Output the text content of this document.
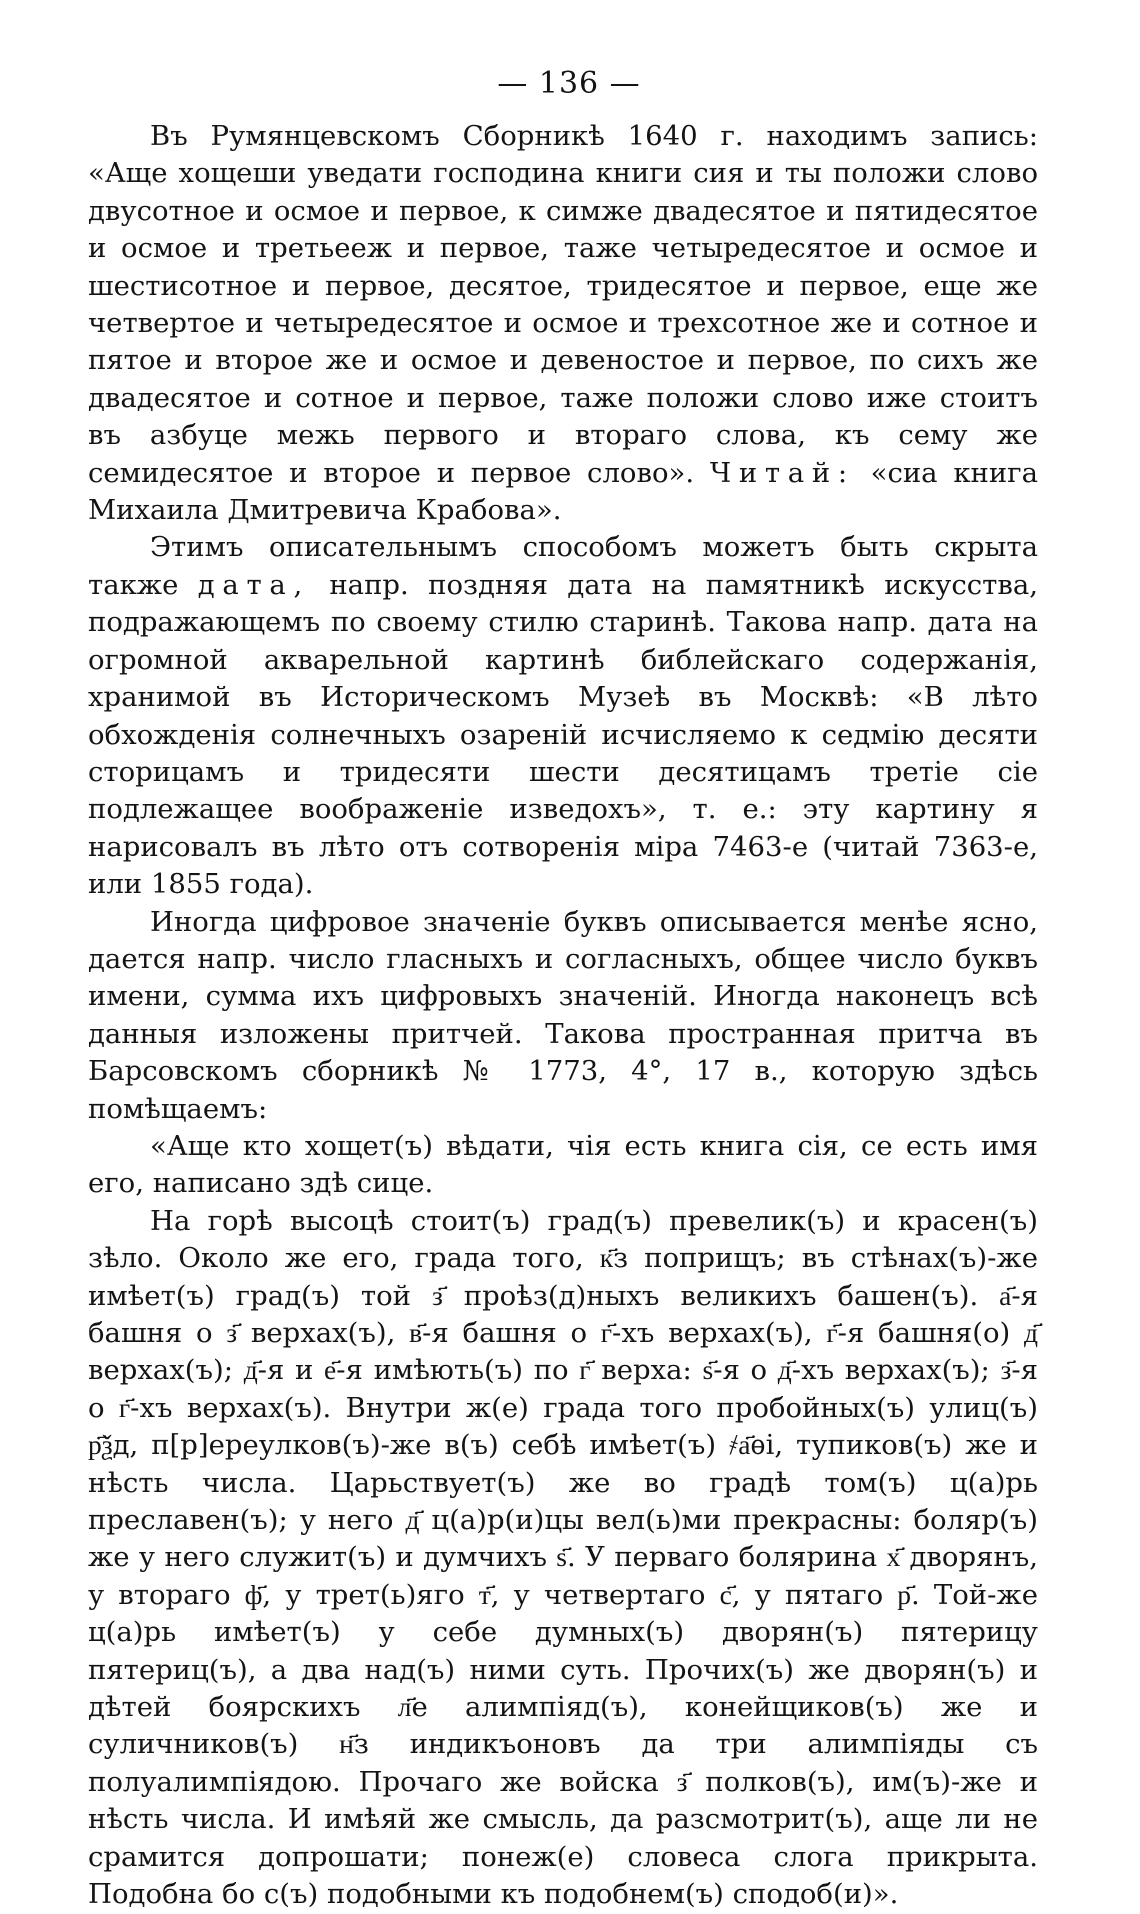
— 136 —

Въ Румянцевскомъ Сборникѣ 1640 г. находимъ запись: «Аще хощеши уведати господина книги сия и ты положи слово двусотное и осмое и первое, к симже двадесятое и пятидесятое и осмое и третьееж и первое, таже четыредесятое и осмое и шестисотное и первое, десятое, тридесятое и первое, еще же четвертое и четыредесятое и осмое и трехсотное же и сотное и пятое и второе же и осмое и девеностое и первое, по сихъ же двадесятое и сотное и первое, таже положи слово иже стоитъ въ азбуце межь первого и втораго слова, къ сему же семидесятое и второе и первое слово». Читай: «сиа книга Михаила Дмитревича Крабова».

Этимъ описательнымъ способомъ можетъ быть скрыта также дата, напр. поздняя дата на памятникѣ искусства, подражающемъ по своему стилю старинѣ. Такова напр. дата на огромной акварельной картинѣ библейскаго содержанія, хранимой въ Историческомъ Музеѣ въ Москвѣ: «В лѣто обхожденія солнечныхъ озареній исчисляемо к седмію десяти сторицамъ и тридесяти шести десятицамъ третіе сіе подлежащее воображеніе изведохъ», т. е.: эту картину я нарисовалъ въ лѣто отъ сотворенія міра 7463-е (читай 7363-е, или 1855 года).

Иногда цифровое значеніе буквъ описывается менѣе ясно, дается напр. число гласныхъ и согласныхъ, общее число буквъ имени, сумма ихъ цифровыхъ значеній. Иногда наконецъ всѣ данныя изложены притчей. Такова пространная притча въ Барсовскомъ сборникѣ № 1773, 4°, 17 в., которую здѣсь помѣщаемъ:

«Аще кто хощет(ъ) вѣдати, чія есть книга сія, се есть имя его, написано здѣ сице.

На горѣ высоцѣ стоит(ъ) град(ъ) превелик(ъ) и красен(ъ) зѣло. Около же его, града того, к҃з поприщъ; въ стѣнах(ъ)-же имѣет(ъ) град(ъ) той з҃ проѣз(д)ныхъ великихъ башен(ъ). а҃-я башня о з҃ верхах(ъ), в҃-я башня о г҃-хъ верхах(ъ), г҃-я башня(о) д҃ верхах(ъ); д҃-я и е҃-я имѣють(ъ) по г҃ верха: ѕ҃-я о д҃-хъ верхах(ъ); з҃-я о г҃-хъ верхах(ъ). Внутри ж(е) града того пробойных(ъ) улиц(ъ) р҃ѯд, п[р]ереулков(ъ)-же в(ъ) себѣ имѣет(ъ) ҂а҃ѳі, тупиков(ъ) же и нѣсть числа. Царьствует(ъ) же во градѣ том(ъ) ц(а)рь преславен(ъ); у него д҃ ц(а)р(и)цы вел(ь)ми прекрасны: боляр(ъ) же у него служит(ъ) и думчихъ ѕ҃. У перваго болярина х҃ дворянъ, у втораго ф҃, у трет(ь)яго т҃, у четвертаго с҃, у пятаго р҃. Той-же ц(а)рь имѣет(ъ) у себе думных(ъ) дворян(ъ) пятерицу пятериц(ъ), а два над(ъ) ними суть. Прочих(ъ) же дворян(ъ) и дѣтей боярскихъ л҃е алимпіяд(ъ), конейщиков(ъ) же и суличников(ъ) н҃з индикъоновъ да три алимпіяды съ полуалимпіядою. Прочаго же войска з҃ полков(ъ), им(ъ)-же и нѣсть числа. И имѣяй же смысль, да разсмотрит(ъ), аще ли не срамится допрошати; понеж(е) словеса слога прикрыта. Подобна бо с(ъ) подобными къ подобнем(ъ) сподоб(и)».
